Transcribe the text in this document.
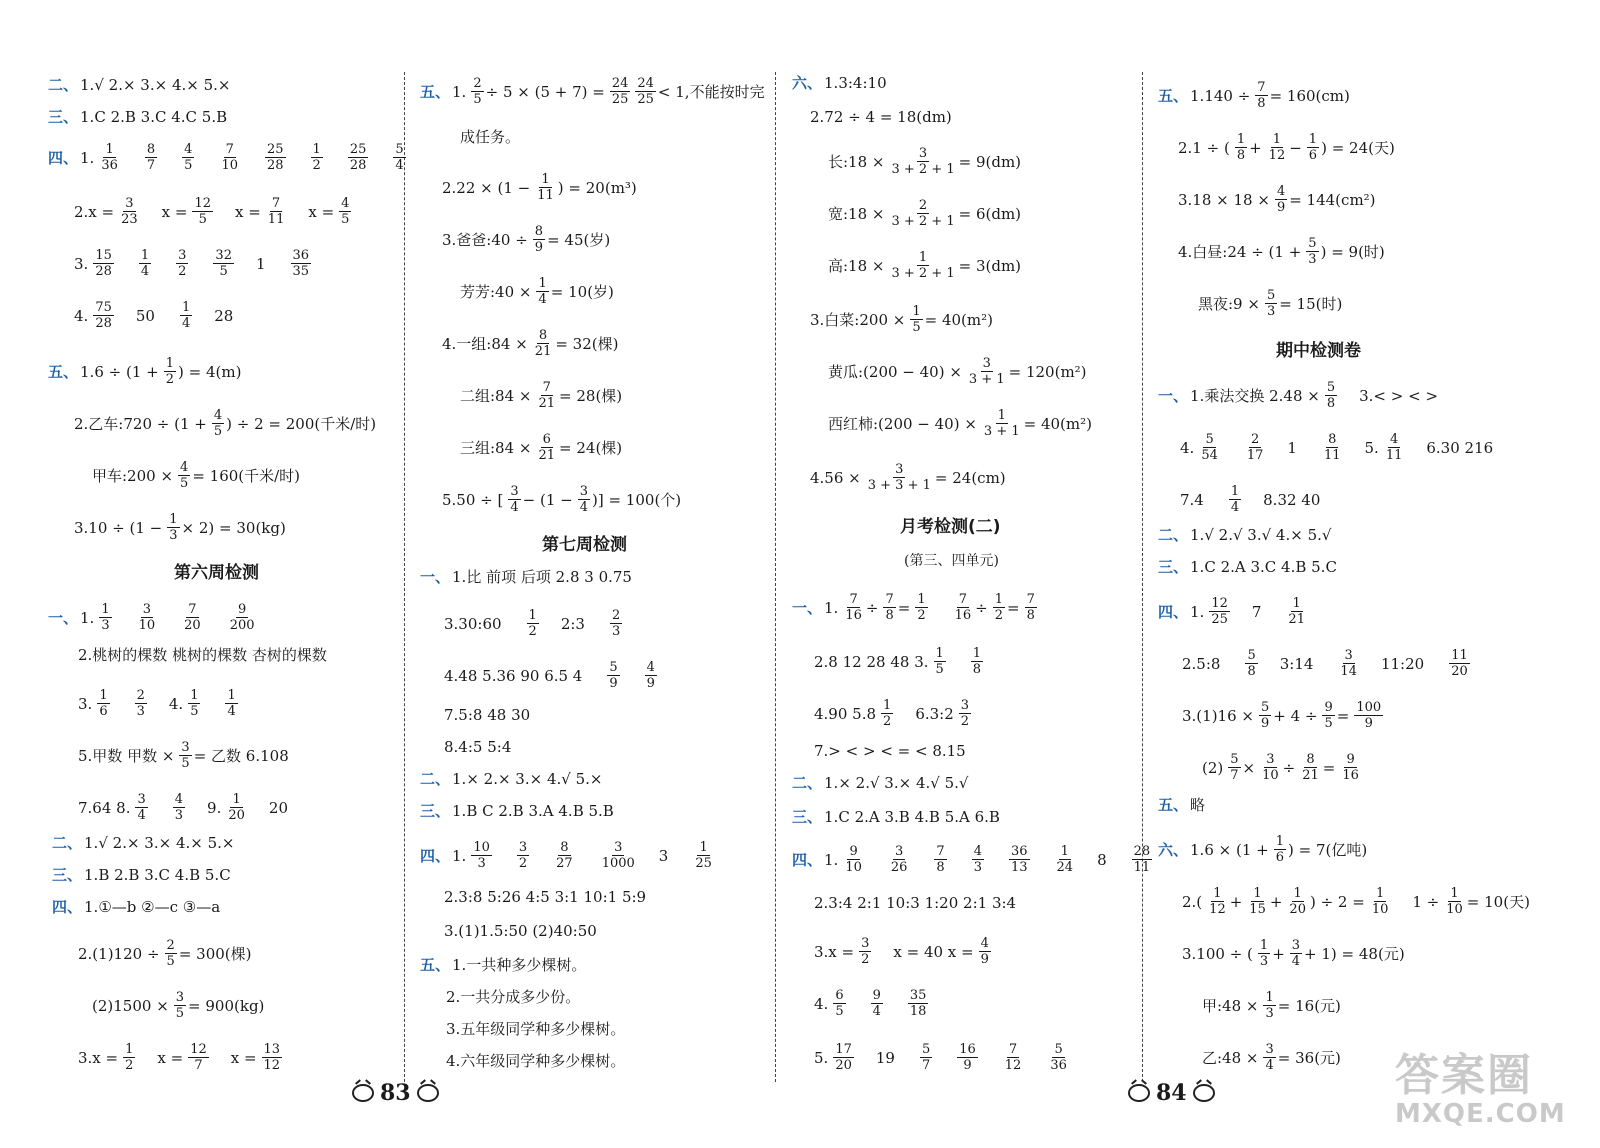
二、 1.√ 2.× 3.× 4.× 5.×
三、 1.C 2.B 3.C 4.C 5.B
四、 1. $\frac{1}{36} \frac{8}{7} \frac{4}{5} \frac{7}{10} \frac{25}{28} \frac{1}{2} \frac{25}{28} \frac{5}{4}$
$2.x = \frac{3}{23}$ $x = \frac{12}{5}$ $x = \frac{7}{11}$ $x = \frac{4}{5}$
3. $\frac{15}{28} \frac{1}{4} \frac{3}{2} \frac{32}{5} 1 \frac{36}{35}$
4. $\frac{75}{28} 50 \frac{1}{4} 28$
五、 $1.6 \div (1 + \frac{1}{2}$ ) = 4(m)
2.乙车:720 ÷ ($1 + \frac{4}{5}$ ) ÷ 2 = 200(千米/时)
甲车:200 × $\frac{4}{5} = 160$(千米/时)
$3.10 \div (1 - \frac{1}{3} \times 2) = 30(kg)$
第六周检测
一、 1. $\frac{1}{3} \frac{3}{10} \frac{7}{20} \frac{9}{200}$
2.桃树的棵数 桃树的棵数 杏树的棵数
3. $\frac{1}{6} \frac{2}{3} 4$. $\frac{1}{5} \frac{1}{4}$
5.甲数 甲数 × $\frac{3}{5}$ = 乙数 6.108
7.64 8. $\frac{3}{4} \frac{4}{3} 9$. $\frac{1}{20} 20$
二、 1.√ 2.× 3.× 4.× 5.×
三、 1.B 2.B 3.C 4.B 5.C
四、 1.①—b ②—c ③—a
$2.(1)120 \div \frac{2}{5} = 300$(棵)
$(2)1500 \times \frac{3}{5} = 900(kg)$
$3.x = \frac{1}{2}$ $x = \frac{12}{7}$ $x = \frac{13}{12}$
五、 1. $\frac{2}{5} \div 5 \times (5 + 7) = \frac{24}{25} \frac{24}{25} < 1$,不能按时完
成任务。
$2.22 \times (1 - \frac{1}{11}$ ) = 20(m³)
3.爸爸:40 ÷ $\frac{8}{9} = 45$(岁)
芳芳:40 × $\frac{1}{4} = 10$(岁)
4.一组:84 × $\frac{8}{21} = 32$(棵)
二组:84 × $\frac{7}{21} = 28$(棵)
三组:84 × $\frac{6}{21} = 24$(棵)
5.50 ÷ [ $\frac{3}{4} - (1 - \frac{3}{4}$ )] = 100(个)
第七周检测
一、 1.比 前项 后项 2.8 3 0.75
3.30:60 $\frac{1}{2}$ 2:3 $\frac{2}{3}$
4.48 5.36 90 6.5 $4 \frac{5}{9} \frac{4}{9}$
7.5:8 48 30
8.4:5 5:4
二、 1.× 2.× 3.× 4.√ 5.×
三、 1.B C 2.B 3.A 4.B 5.B
四、 1. $\frac{10}{3} \frac{3}{2} \frac{8}{27} \frac{3}{1000} 3 \frac{1}{25}$
2.3:8 5:26 4:5 3:1 10:1 5:9
3.(1)1.5:50 (2)40:50
五、 1.一共种多少棵树。
2.一共分成多少份。
3.五年级同学种多少棵树。
4.六年级同学种多少棵树。
六、 1.3:4:10
2.72 ÷ 4 = 18(dm)
长:18 × $\frac{3}{3 + 2 + 1} = 9(dm)$
宽:18 × $\frac{2}{3 + 2 + 1} = 6(dm)$
高:18 × $\frac{1}{3 + 2 + 1} = 3(dm)$
3.白菜:200 × $\frac{1}{5} = 40(m^2)$
黄瓜:(200 − $40) \times \frac{3}{3 + 1} = 120(m^2)$
西红柿:(200 − $40) \times \frac{1}{3 + 1} = 40(m^2)$
$4.56 \times \frac{3}{3 + 3 + 1} = 24(cm)$
月考检测(二)
(第三、四单元)
一、 1. $\frac{7}{16} \div \frac{7}{8} = \frac{1}{2} \frac{7}{16} \div \frac{1}{2} = \frac{7}{8}$
2.8 12 28 48 3. $\frac{1}{5} \frac{1}{8}$
4.90 $5.8 \frac{1}{2}$ 6.3:2 $\frac{3}{2}$
7.> < > < = < 8.15
二、 1.× 2.√ 3.× 4.√ 5.√
三、 1.C 2.A 3.B 4.B 5.A 6.B
四、 1. $\frac{9}{10} \frac{3}{26} \frac{7}{8} \frac{4}{3} \frac{36}{13} \frac{1}{24} 8 \frac{28}{11}$
2.3:4 2:1 10:3 1:20 2:1 3:4
$3.x = \frac{3}{2}$ x = 40 $x = \frac{4}{9}$
4. $\frac{6}{5} \frac{9}{4} \frac{35}{18}$
5. $\frac{17}{20} 19 \frac{5}{7} \frac{16}{9} \frac{7}{12} \frac{5}{36}$
五、 $1.140 \div \frac{7}{8} = 160(cm)$
2.1 ÷ ( $\frac{1}{8} + \frac{1}{12} - \frac{1}{6}$ ) = 24(天)
$3.18 \times 18 \times \frac{4}{9} = 144(cm^2)$
4.白昼:24 ÷ ($1 + \frac{5}{3}$ ) = 9(时)
黑夜:9 × $\frac{5}{3} = 15$(时)
期中检测卷
一、 1.乘法交换 $2.48 \times \frac{5}{8} 3.<$ > < >
4. $\frac{5}{54} \frac{2}{17} 1 \frac{8}{11} 5$. $\frac{4}{11} 6.30$ 216
$7.4 \frac{1}{4} 8.32$ 40
二、 1.√ 2.√ 3.√ 4.× 5.√
三、 1.C 2.A 3.C 4.B 5.C
四、 1. $\frac{12}{25} 7 \frac{1}{21}$
2.5:8 $\frac{5}{8}$ 3:14 $\frac{3}{14}$ 11:20 $\frac{11}{20}$
$3.(1)16 \times \frac{5}{9} + 4 \div \frac{9}{5} = \frac{100}{9}$
$(2) \frac{5}{7} \times \frac{3}{10} \div \frac{8}{21} = \frac{9}{16}$
五、 略
六、 $1.6 \times (1 + \frac{1}{6}$ ) = 7(亿吨)
$2.( \frac{1}{12} + \frac{1}{15} + \frac{1}{20}$ ) ÷ $2 = \frac{1}{10} 1 \div \frac{1}{10} = 10$(天)
3.100 ÷ ( $\frac{1}{3} + \frac{3}{4} + 1) = 48$(元)
甲:48 × $\frac{1}{3} = 16$(元)
乙:48 × $\frac{3}{4} = 36$(元)
83	84	答案圈
MXQE.COM
